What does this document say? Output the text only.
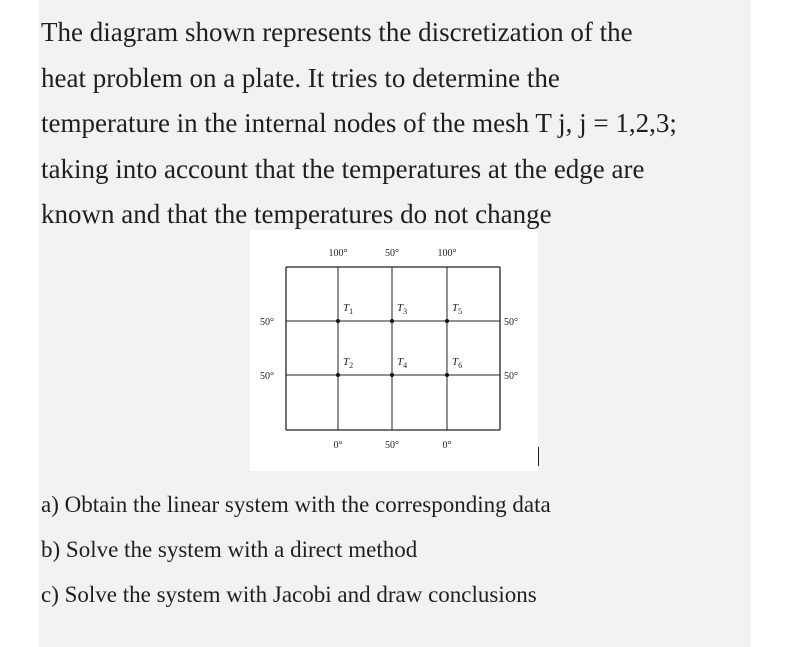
The diagram shown represents the discretization of the
heat problem on a plate. It tries to determine the
temperature in the internal nodes of the mesh T j, j = 1,2,3;
taking into account that the temperatures at the edge are
known and that the temperatures do not change
100°	50°	100°
50°
50°
50°
50°
0°	50°	0°
$T_1$
$T_2$
$T_3$
$T_4$
$T_5$
$T_6$
a) Obtain the linear system with the corresponding data
b) Solve the system with a direct method
c) Solve the system with Jacobi and draw conclusions
